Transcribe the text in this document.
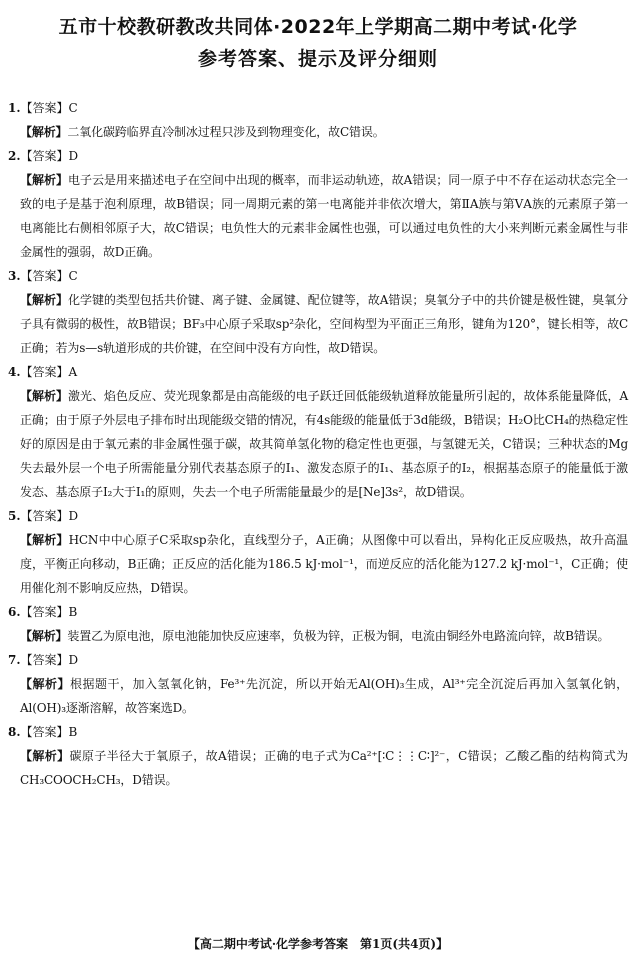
五市十校教研教改共同体·2022年上学期高二期中考试·化学
参考答案、提示及评分细则
1.【答案】C
【解析】二氧化碳跨临界直冷制冰过程只涉及到物理变化，故C错误。
2.【答案】D
【解析】电子云是用来描述电子在空间中出现的概率，而非运动轨迹，故A错误；同一原子中不存在运动状态完全一致的电子是基于泡利原理，故B错误；同一周期元素的第一电离能并非依次增大，第ⅡA族与第ⅤA族的元素原子第一电离能比右侧相邻原子大，故C错误；电负性大的元素非金属性也强，可以通过电负性的大小来判断元素金属性与非金属性的强弱，故D正确。
3.【答案】C
【解析】化学键的类型包括共价键、离子键、金属键、配位键等，故A错误；臭氧分子中的共价键是极性键，臭氧分子具有微弱的极性，故B错误；BF₃中心原子采取sp²杂化，空间构型为平面正三角形，键角为120°，键长相等，故C正确；若为s—s轨道形成的共价键，在空间中没有方向性，故D错误。
4.【答案】A
【解析】激光、焰色反应、荧光现象都是由高能级的电子跃迁回低能级轨道释放能量所引起的，故体系能量降低，A正确；由于原子外层电子排布时出现能级交错的情况，有4s能级的能量低于3d能级，B错误；H₂O比CH₄的热稳定性好的原因是由于氧元素的非金属性强于碳，故其简单氢化物的稳定性也更强，与氢键无关，C错误；三种状态的Mg失去最外层一个电子所需能量分别代表基态原子的I₁、激发态原子的I₁、基态原子的I₂，根据基态原子的能量低于激发态、基态原子I₂大于I₁的原则，失去一个电子所需能量最少的是[Ne]3s²，故D错误。
5.【答案】D
【解析】HCN中中心原子C采取sp杂化，直线型分子，A正确；从图像中可以看出，异构化正反应吸热，故升高温度，平衡正向移动，B正确；正反应的活化能为186.5 kJ·mol⁻¹，而逆反应的活化能为127.2 kJ·mol⁻¹，C正确；使用催化剂不影响反应热，D错误。
6.【答案】B
【解析】装置乙为原电池，原电池能加快反应速率，负极为锌，正极为铜，电流由铜经外电路流向锌，故B错误。
7.【答案】D
【解析】根据题干，加入氢氧化钠，Fe³⁺先沉淀，所以开始无Al(OH)₃生成，Al³⁺完全沉淀后再加入氢氧化钠，Al(OH)₃逐渐溶解，故答案选D。
8.【答案】B
【解析】碳原子半径大于氧原子，故A错误；正确的电子式为Ca²⁺[∶C⋮⋮C∶]²⁻，C错误；乙酸乙酯的结构简式为CH₃COOCH₂CH₃，D错误。
【高二期中考试·化学参考答案　第1页(共4页)】
